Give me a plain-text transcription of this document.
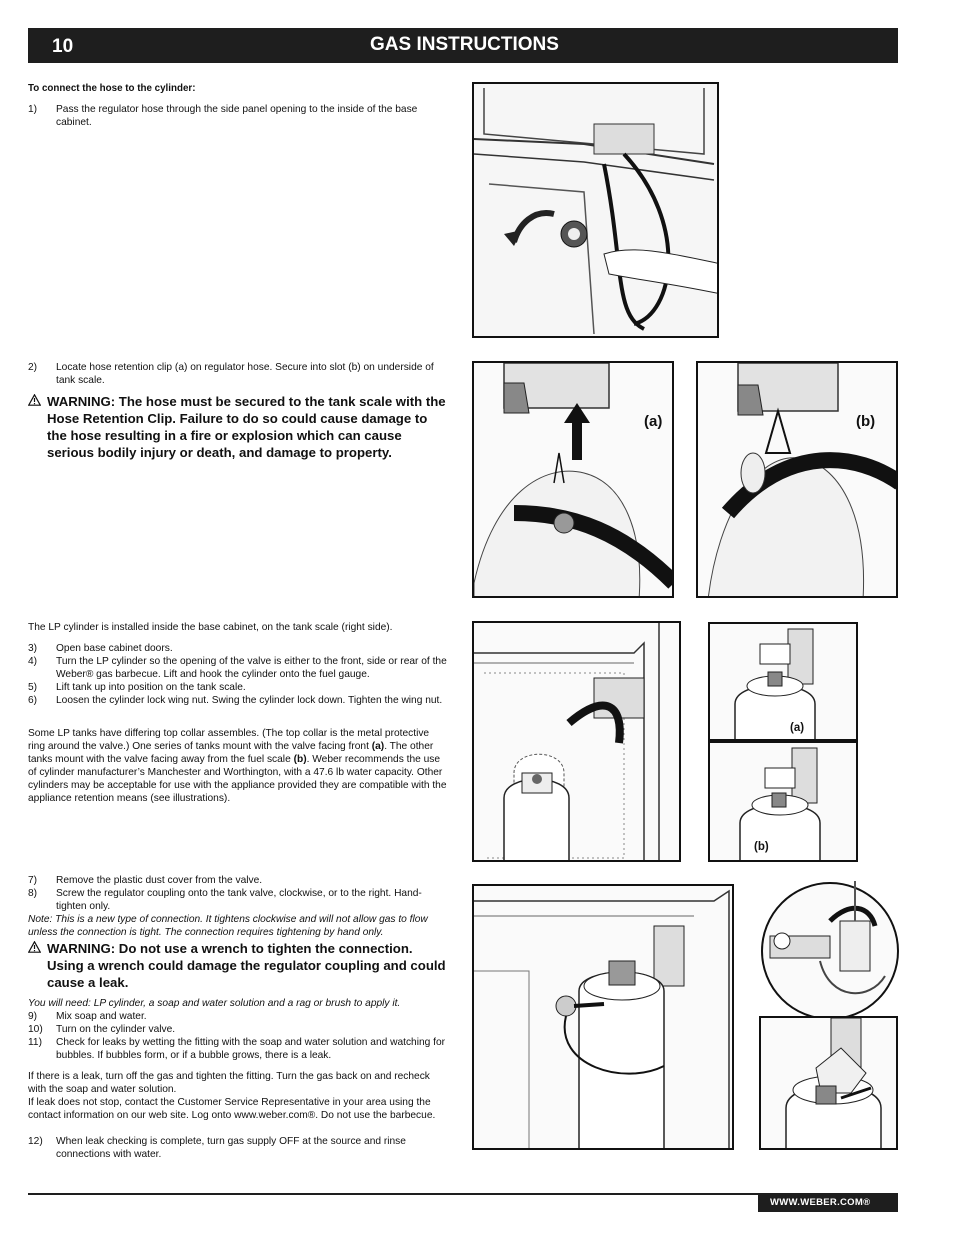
10	GAS INSTRUCTIONS
To connect the hose to the cylinder:
1) Pass the regulator hose through the side panel opening to the inside of the base cabinet.
2) Locate hose retention clip (a) on regulator hose. Secure into slot (b) on underside of tank scale.
WARNING: The hose must be secured to the tank scale with the Hose Retention Clip. Failure to do so could cause damage to the hose resulting in a fire or explosion which can cause serious bodily injury or death, and damage to property.
(a)	(b)
The LP cylinder is installed inside the base cabinet, on the tank scale (right side).
3) Open base cabinet doors.
4) Turn the LP cylinder so the opening of the valve is either to the front, side or rear of the Weber® gas barbecue. Lift and hook the cylinder onto the fuel gauge.
5) Lift tank up into position on the tank scale.
6) Loosen the cylinder lock wing nut. Swing the cylinder lock down. Tighten the wing nut.
Some LP tanks have differing top collar assembles. (The top collar is the metal protective ring around the valve.) One series of tanks mount with the valve facing front (a). The other tanks mount with the valve facing away from the fuel scale (b). Weber recommends the use of cylinder manufacturer’s Manchester and Worthington, with a 47.6 lb water capacity. Other cylinders may be acceptable for use with the appliance provided they are compatible with the appliance retention means (see illustrations).
(a)
(b)
7) Remove the plastic dust cover from the valve.
8) Screw the regulator coupling onto the tank valve, clockwise, or to the right. Hand-tighten only.
Note: This is a new type of connection. It tightens clockwise and will not allow gas to flow unless the connection is tight. The connection requires tightening by hand only.
WARNING: Do not use a wrench to tighten the connection. Using a wrench could damage the regulator coupling and could cause a leak.
You will need: LP cylinder, a soap and water solution and a rag or brush to apply it.
9) Mix soap and water.
10) Turn on the cylinder valve.
11) Check for leaks by wetting the fitting with the soap and water solution and watching for bubbles. If bubbles form, or if a bubble grows, there is a leak.
If there is a leak, turn off the gas and tighten the fitting. Turn the gas back on and recheck with the soap and water solution.
If leak does not stop, contact the Customer Service Representative in your area using the contact information on our web site. Log onto www.weber.com®. Do not use the barbecue.
12) When leak checking is complete, turn gas supply OFF at the source and rinse connections with water.
WWW.WEBER.COM®
